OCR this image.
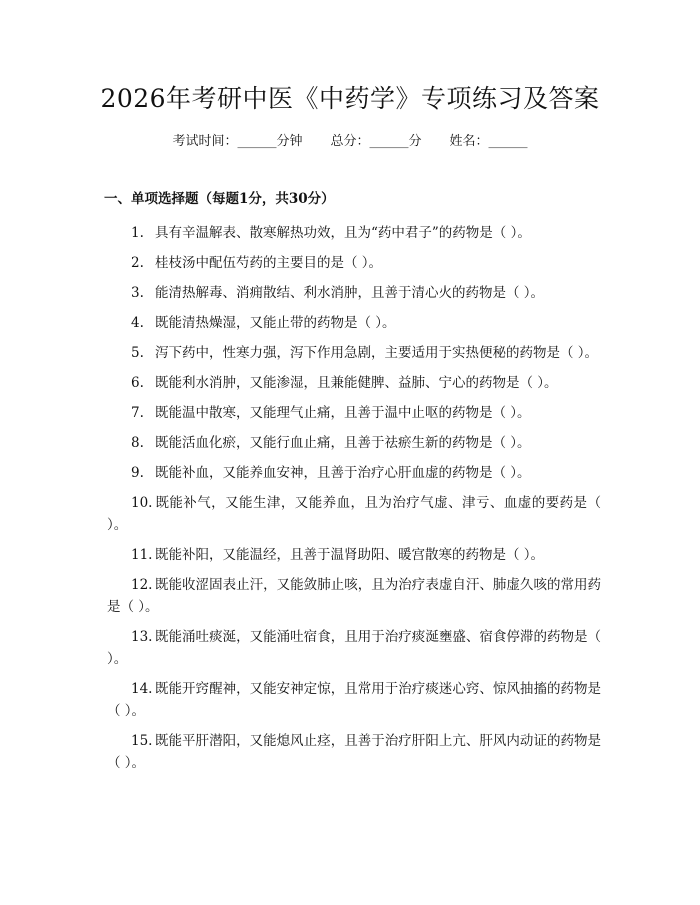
2026年考研中医《中药学》专项练习及答案
考试时间：______分钟 总分：______分 姓名：______
一、单项选择题（每题1分，共30分）

1. 具有辛温解表、散寒解热功效，且为“药中君子”的药物是（ ）。

2. 桂枝汤中配伍芍药的主要目的是（ ）。

3. 能清热解毒、消痈散结、利水消肿，且善于清心火的药物是（ ）。

4. 既能清热燥湿，又能止带的药物是（ ）。

5. 泻下药中，性寒力强，泻下作用急剧，主要适用于实热便秘的药物是（ ）。

6. 既能利水消肿，又能渗湿，且兼能健脾、益肺、宁心的药物是（ ）。

7. 既能温中散寒，又能理气止痛，且善于温中止呕的药物是（ ）。

8. 既能活血化瘀，又能行血止痛，且善于祛瘀生新的药物是（ ）。

9. 既能补血，又能养血安神，且善于治疗心肝血虚的药物是（ ）。

10. 既能补气，又能生津，又能养血，且为治疗气虚、津亏、血虚的要药是（ ）。

11. 既能补阳，又能温经，且善于温肾助阳、暖宫散寒的药物是（ ）。

12. 既能收涩固表止汗，又能敛肺止咳，且为治疗表虚自汗、肺虚久咳的常用药是（ ）。

13. 既能涌吐痰涎，又能涌吐宿食，且用于治疗痰涎壅盛、宿食停滞的药物是（ ）。

14. 既能开窍醒神，又能安神定惊，且常用于治疗痰迷心窍、惊风抽搐的药物是（ ）。

15. 既能平肝潜阳，又能熄风止痉，且善于治疗肝阳上亢、肝风内动证的药物是（ ）。
